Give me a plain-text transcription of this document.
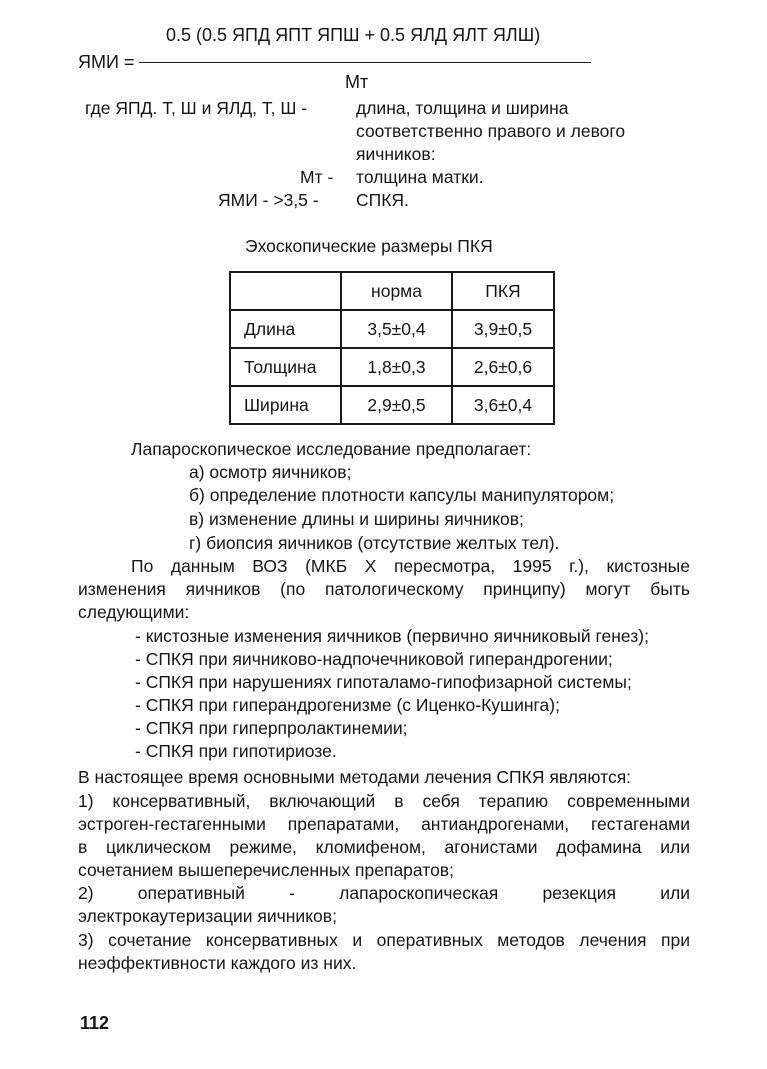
0.5 (0.5 ЯПД ЯПТ ЯПШ + 0.5 ЯЛД ЯЛТ ЯЛШ)
ЯМИ =
Мт
где ЯПД. Т, Ш и ЯЛД, Т, Ш -	длина, толщина и ширина
соответственно правого и левого
яичников:
Мт - толщина матки.
ЯМИ - >3,5 - СПКЯ.
Эхоскопические размеры ПКЯ
	норма	ПКЯ
Длина	3,5±0,4	3,9±0,5
Толщина	1,8±0,3	2,6±0,6
Ширина	2,9±0,5	3,6±0,4
Лапароскопическое исследование предполагает:
а) осмотр яичников;
б) определение плотности капсулы манипулятором;
в) изменение длины и ширины яичников;
г) биопсия яичников (отсутствие желтых тел).
По данным ВОЗ (МКБ Х пересмотра, 1995 г.), кистозные
изменения яичников (по патологическому принципу) могут быть
следующими:
- кистозные изменения яичников (первично яичниковый генез);
- СПКЯ при яичниково-надпочечниковой гиперандрогении;
- СПКЯ при нарушениях гипоталамо-гипофизарной системы;
- СПКЯ при гиперандрогенизме (с Иценко-Кушинга);
- СПКЯ при гиперпролактинемии;
- СПКЯ при гипотириозе.
В настоящее время основными методами лечения СПКЯ являются:
1) консервативный, включающий в себя терапию современными
эстроген-гестагенными препаратами, антиандрогенами, гестагенами
в циклическом режиме, кломифеном, агонистами дофамина или
сочетанием вышеперечисленных препаратов;
2) оперативный - лапароскопическая резекция или
электрокаутеризации яичников;
3) сочетание консервативных и оперативных методов лечения при
неэффективности каждого из них.
112
